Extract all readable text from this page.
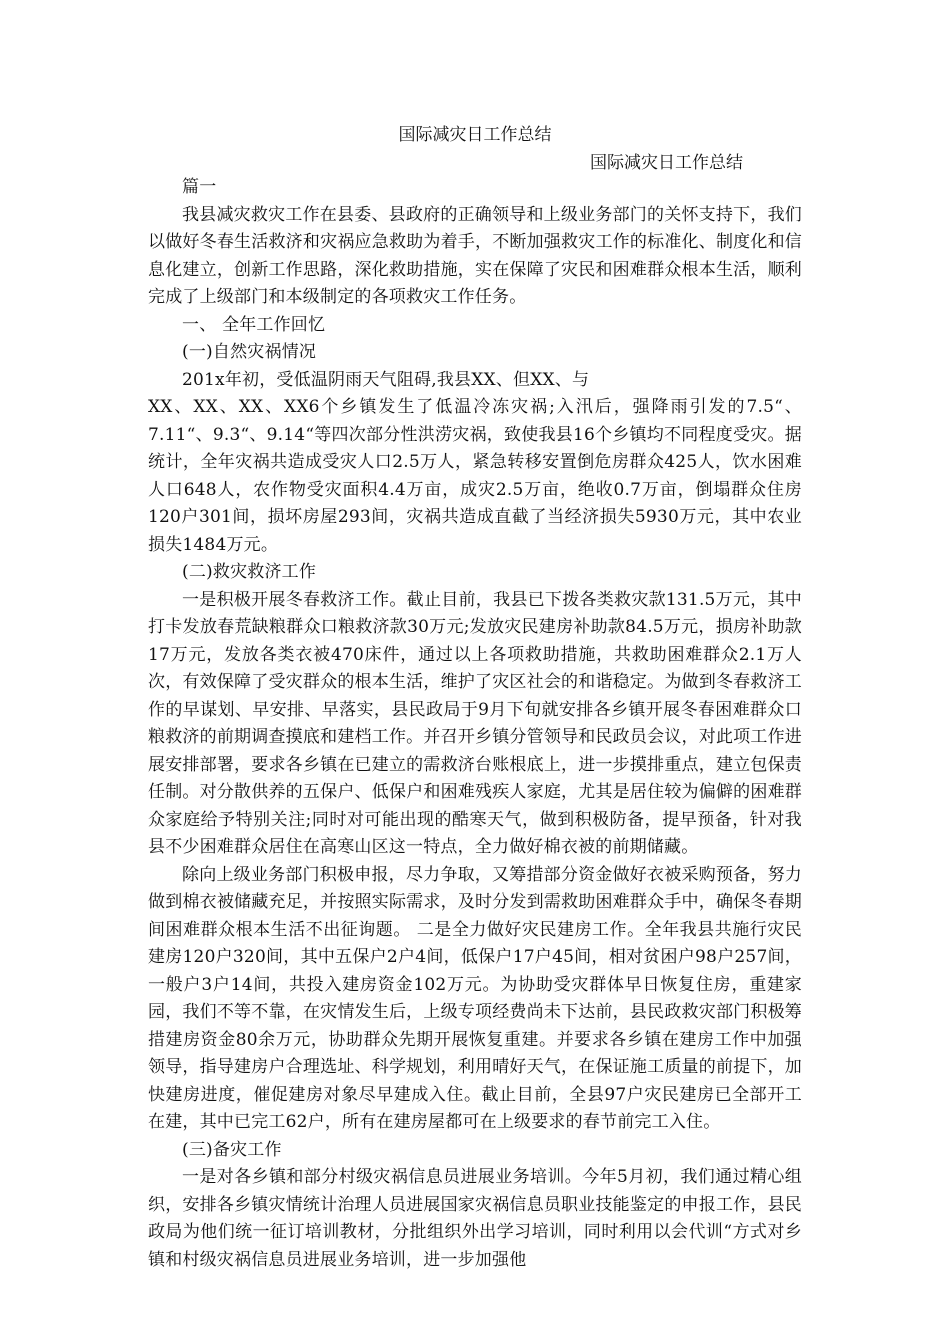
国际减灾日工作总结
国际减灾日工作总结

篇一

我县减灾救灾工作在县委、县政府的正确领导和上级业务部门的关怀支持下，我们以做好冬春生活救济和灾祸应急救助为着手，不断加强救灾工作的标准化、制度化和信息化建立，创新工作思路，深化救助措施，实在保障了灾民和困难群众根本生活，顺利完成了上级部门和本级制定的各项救灾工作任务。

一、 全年工作回忆

(一)自然灾祸情况

201x年初，受低温阴雨天气阻碍,我县XX、但XX、与

XX、XX、XX、XX6个乡镇发生了低温冷冻灾祸;入汛后，强降雨引发的7.5“、7.11“、9.3“、9.14“等四次部分性洪涝灾祸，致使我县16个乡镇均不同程度受灾。据统计，全年灾祸共造成受灾人口2.5万人，紧急转移安置倒危房群众425人，饮水困难人口648人，农作物受灾面积4.4万亩，成灾2.5万亩，绝收0.7万亩，倒塌群众住房120户301间，损坏房屋293间，灾祸共造成直截了当经济损失5930万元，其中农业损失1484万元。

(二)救灾救济工作

一是积极开展冬春救济工作。截止目前，我县已下拨各类救灾款131.5万元，其中打卡发放春荒缺粮群众口粮救济款30万元;发放灾民建房补助款84.5万元，损房补助款17万元，发放各类衣被470床件，通过以上各项救助措施，共救助困难群众2.1万人次，有效保障了受灾群众的根本生活，维护了灾区社会的和谐稳定。为做到冬春救济工作的早谋划、早安排、早落实，县民政局于9月下旬就安排各乡镇开展冬春困难群众口粮救济的前期调查摸底和建档工作。并召开乡镇分管领导和民政员会议，对此项工作进展安排部署，要求各乡镇在已建立的需救济台账根底上，进一步摸排重点，建立包保责任制。对分散供养的五保户、低保户和困难残疾人家庭，尤其是居住较为偏僻的困难群众家庭给予特别关注;同时对可能出现的酷寒天气，做到积极防备，提早预备，针对我县不少困难群众居住在高寒山区这一特点，全力做好棉衣被的前期储藏。

除向上级业务部门积极申报，尽力争取，又筹措部分资金做好衣被采购预备，努力做到棉衣被储藏充足，并按照实际需求，及时分发到需救助困难群众手中，确保冬春期间困难群众根本生活不出征询题。 二是全力做好灾民建房工作。全年我县共施行灾民建房120户320间，其中五保户2户4间，低保户17户45间，相对贫困户98户257间，一般户3户14间，共投入建房资金102万元。为协助受灾群体早日恢复住房，重建家园，我们不等不靠，在灾情发生后，上级专项经费尚未下达前，县民政救灾部门积极筹措建房资金80余万元，协助群众先期开展恢复重建。并要求各乡镇在建房工作中加强领导，指导建房户合理选址、科学规划，利用晴好天气，在保证施工质量的前提下，加快建房进度，催促建房对象尽早建成入住。截止目前，全县97户灾民建房已全部开工在建，其中已完工62户，所有在建房屋都可在上级要求的春节前完工入住。

(三)备灾工作

一是对各乡镇和部分村级灾祸信息员进展业务培训。今年5月初，我们通过精心组织，安排各乡镇灾情统计治理人员进展国家灾祸信息员职业技能鉴定的申报工作，县民政局为他们统一征订培训教材，分批组织外出学习培训，同时利用以会代训“方式对乡镇和村级灾祸信息员进展业务培训，进一步加强他
